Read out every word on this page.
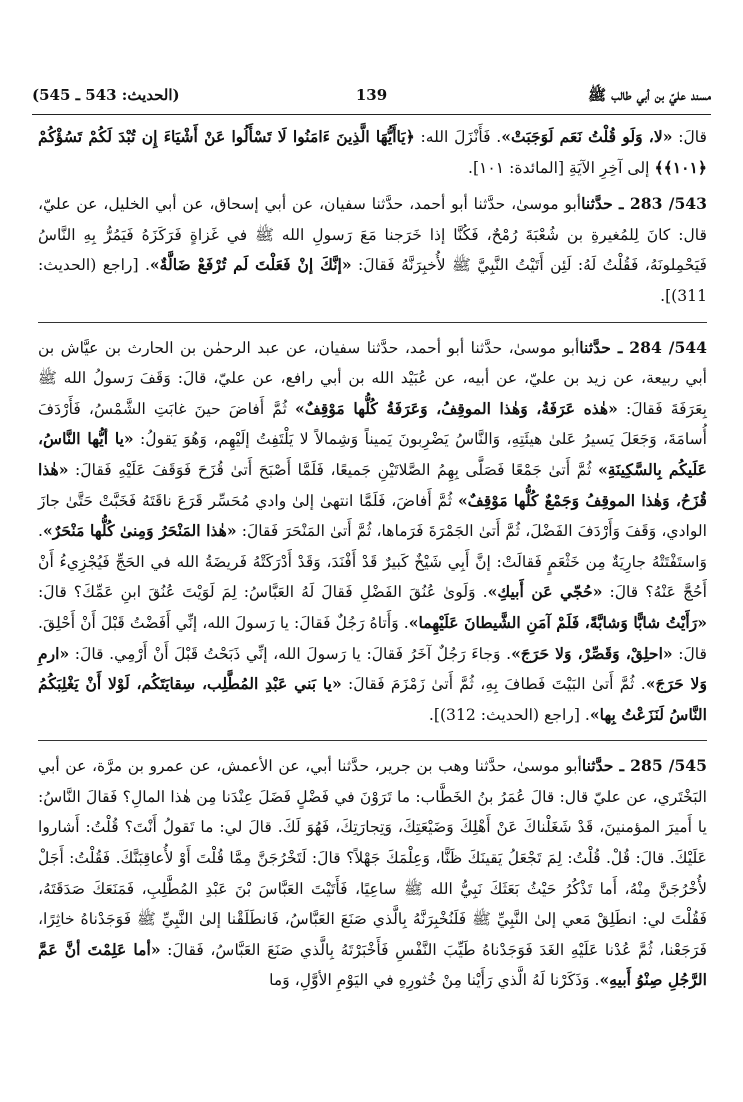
مسند عليّ بن أبي طالب ﷺ
139
(الحديث: 543 ـ 545)

قالَ: «لا، وَلَو قُلْتُ نَعَم لَوَجَبَتْ». فَأَنْزَلَ الله: ﴿يَاأَيُّهَا الَّذِينَ ءَامَنُوا لَا تَسْأَلُوا عَنْ أَشْيَاءَ إِن تُبْدَ لَكُمْ تَسُؤْكُمْ ﴿١٠١﴾﴾ إلى آخِرِ الآيَةِ [المائدة: ١٠١].

543/ 283 ـ حدَّثناأبو موسىٰ، حدَّثنا أبو أحمد، حدَّثنا سفيان، عن أبي إسحاق، عن أبي الخليل، عن عليّ، قال: كانَ لِلمُغيرةِ بن شُعْبَةَ رُمْحٌ، فَكُنَّا إذا خَرَجنا مَعَ رَسولِ الله ﷺ في غَزاةٍ فَرَكَزَهُ فَيَمُرُّ بِهِ النَّاسُ فَيَحْمِلونَهُ، فَقُلْتُ لَهُ: لَئِن أَتَيْتُ النَّبِيَّ ﷺ لأُخبِرَنَّهُ فَقالَ: «إنَّكَ إنْ فَعَلْتَ لَم تُرْفَعْ ضَالَّةٌ». [راجع (الحديث: 311)].

544/ 284 ـ حدَّثناأبو موسىٰ، حدَّثنا أبو أحمد، حدَّثنا سفيان، عن عبد الرحمٰن بن الحارث بن عيَّاش بن أبي ربيعة، عن زيد بن عليّ، عن أبيه، عن عُبَيْد الله بن أبي رافع، عن عليّ، قالَ: وَقَفَ رَسولُ الله ﷺ بِعَرَفَةَ فَقالَ: «هٰذه عَرَفَةُ، وَهٰذا الموقِفُ، وَعَرَفَةُ كُلُّها مَوْقِفٌ» ثُمَّ أَفاضَ حينَ غابَتِ الشَّمْسُ، فَأَرْدَفَ أُسامَةَ، وَجَعَلَ يَسيرُ عَلىٰ هيئَتِهِ، وَالنَّاسُ يَضْرِبونَ يَميناً وَشِمالاً لا يَلْتَفِتُ إلَيْهِم، وَهُوَ يَقولُ: «يا أيُّها النَّاسُ، عَلَيكُم بِالسَّكِينَةِ» ثُمَّ أَتىٰ جَمْعًا فَصَلَّى بِهِمُ الصَّلاتَيْنِ جَميعًا، فَلَمَّا أَصْبَحَ أَتىٰ قُزَحَ فَوَقَفَ عَلَيْهِ فَقالَ: «هٰذا قُزَحُ، وَهٰذا الموقِفُ وَجَمْعٌ كُلُّها مَوْقِفٌ» ثُمَّ أَفاضَ، فَلَمَّا انتهىٰ إلىٰ وادي مُحَسِّر قَرَعَ ناقَتَهُ فَخَبَّتْ حَتَّىٰ جازَ الوادي، وَقَفَ وَأَرْدَفَ الفَضْلَ، ثُمَّ أَتىٰ الجَمْرَةَ فَرَماها، ثُمَّ أَتىٰ المَنْحَرَ فَقالَ: «هٰذا المَنْحَرُ وَمِنىٰ كُلُّها مَنْحَرٌ». وَاستَفْتَتْهُ جارِيَةٌ مِن خَثْعَمٍ فَقالَتْ: إنَّ أَبِي شَيْخٌ كَبيرٌ قَدْ أَفْنَدَ، وَقَدْ أَدْرَكَتْهُ فَريضَةُ الله في الحَجِّ فَيُجْزِيءُ أَنْ أَحُجَّ عَنْهُ؟ قالَ: «حُجّي عَن أَبيكِ». وَلَوىٰ عُنُقَ الفَضْلِ فَقالَ لَهُ العَبَّاسُ: لِمَ لَوَيْتَ عُنُقَ ابنِ عَمِّكَ؟ قالَ: «رَأَيْتُ شابًّا وَشابَّةً، فَلَمْ آمَنِ الشَّيطانَ عَلَيْهِما». وَأَتاهُ رَجُلٌ فَقالَ: يا رَسولَ الله، إنِّي أَفَضْتُ قَبْلَ أَنْ أَحْلِقَ. قالَ: «احلِقْ، وَقَصِّرْ، وَلا حَرَجَ». وَجاءَ رَجُلٌ آخَرُ فَقالَ: يا رَسولَ الله، إنِّي ذَبَحْتُ قَبْلَ أَنْ أَرْمِي. قالَ: «ارمِ وَلا حَرَجَ». ثُمَّ أَتىٰ البَيْتَ فَطافَ بِهِ، ثُمَّ أَتىٰ زَمْزَمَ فَقالَ: «يا بَني عَبْدِ المُطَّلِب، سِقايَتَكُم، لَوْلا أَنْ يَغْلِبَكُمُ النَّاسُ لَنَزَعْتُ بِها». [راجع (الحديث: 312)].

545/ 285 ـ حدَّثناأبو موسىٰ، حدَّثنا وهب بن جرير، حدَّثنا أبي، عن الأعمش، عن عمرو بن مرَّة، عن أبي البَخْتَري، عن عليّ قال: قالَ عُمَرُ بنُ الخَطَّاب: ما تَرَوْنَ في فَضْلٍ فَضَلَ عِنْدَنا مِن هٰذا المالِ؟ فَقالَ النَّاسُ: يا أَميرَ المؤمنينَ، قَدْ شَغَلْناكَ عَنْ أَهْلِكَ وَضَيْعَتِكَ، وَتِجارَتِكَ، فَهُوَ لَكَ. قالَ لي: ما تَقولُ أَنْتَ؟ قُلْتُ: أَشاروا عَلَيْكَ. قالَ: قُلْ. قُلْتُ: لِمَ تَجْعَلُ يَقينَكَ ظَنًّا، وَعِلْمَكَ جَهْلاً؟ قالَ: لَتَخْرُجَنَّ مِمَّا قُلْتَ أَوْ لأُعاقِبَنَّكَ. فَقُلْتُ: أَجَلْ لأُخْرُجَنَّ مِنْهُ، أَما تَذْكُرُ حَيْثُ بَعَثَكَ نَبِيُّ الله ﷺ ساعِيًا، فَأَتَيْتَ العَبَّاسَ بْنَ عَبْدِ المُطَّلِبِ، فَمَنَعَكَ صَدَقَتَهُ، فَقُلْتَ لي: انطَلِقْ مَعي إلىٰ النَّبِيِّ ﷺ فَلَنُخْبِرَنَّهُ بِالَّذي صَنَعَ العَبَّاسُ، فَانطَلَقْنا إلىٰ النَّبِيِّ ﷺ فَوَجَدْناهُ خاثِرًا، فَرَجَعْنا، ثُمَّ عُدْنا عَلَيْهِ الغَدَ فَوَجَدْناهُ طَيِّبَ النَّفْسِ فَأَخْبَرْتَهُ بِالَّذي صَنَعَ العَبَّاسُ، فَقالَ: «أما عَلِمْتَ أنَّ عَمَّ الرَّجُلِ صِنْوُ أَبيهِ». وَذَكَرْنا لَهُ الَّذي رَأَيْنا مِنْ خُثورِهِ في اليَوْمِ الأوَّلِ، وَما
